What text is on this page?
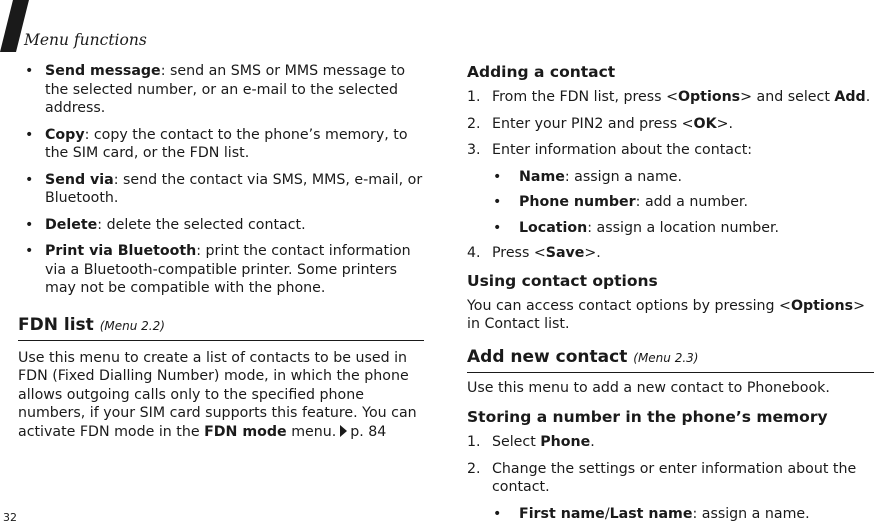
Menu functions
• Send message: send an SMS or MMS message to the selected number, or an e-mail to the selected address.
• Copy: copy the contact to the phone’s memory, to the SIM card, or the FDN list.
• Send via: send the contact via SMS, MMS, e-mail, or Bluetooth.
• Delete: delete the selected contact.
• Print via Bluetooth: print the contact information via a Bluetooth-compatible printer. Some printers may not be compatible with the phone.
FDN list (Menu 2.2)
Use this menu to create a list of contacts to be used in FDN (Fixed Dialling Number) mode, in which the phone allows outgoing calls only to the specified phone numbers, if your SIM card supports this feature. You can activate FDN mode in the FDN mode menu. p. 84
Adding a contact
1. From the FDN list, press <Options> and select Add.
2. Enter your PIN2 and press <OK>.
3. Enter information about the contact:
• Name: assign a name.
• Phone number: add a number.
• Location: assign a location number.
4. Press <Save>.
Using contact options
You can access contact options by pressing <Options> in Contact list.
Add new contact (Menu 2.3)
Use this menu to add a new contact to Phonebook.
Storing a number in the phone’s memory
1. Select Phone.
2. Change the settings or enter information about the contact.
• First name/Last name: assign a name.
32
